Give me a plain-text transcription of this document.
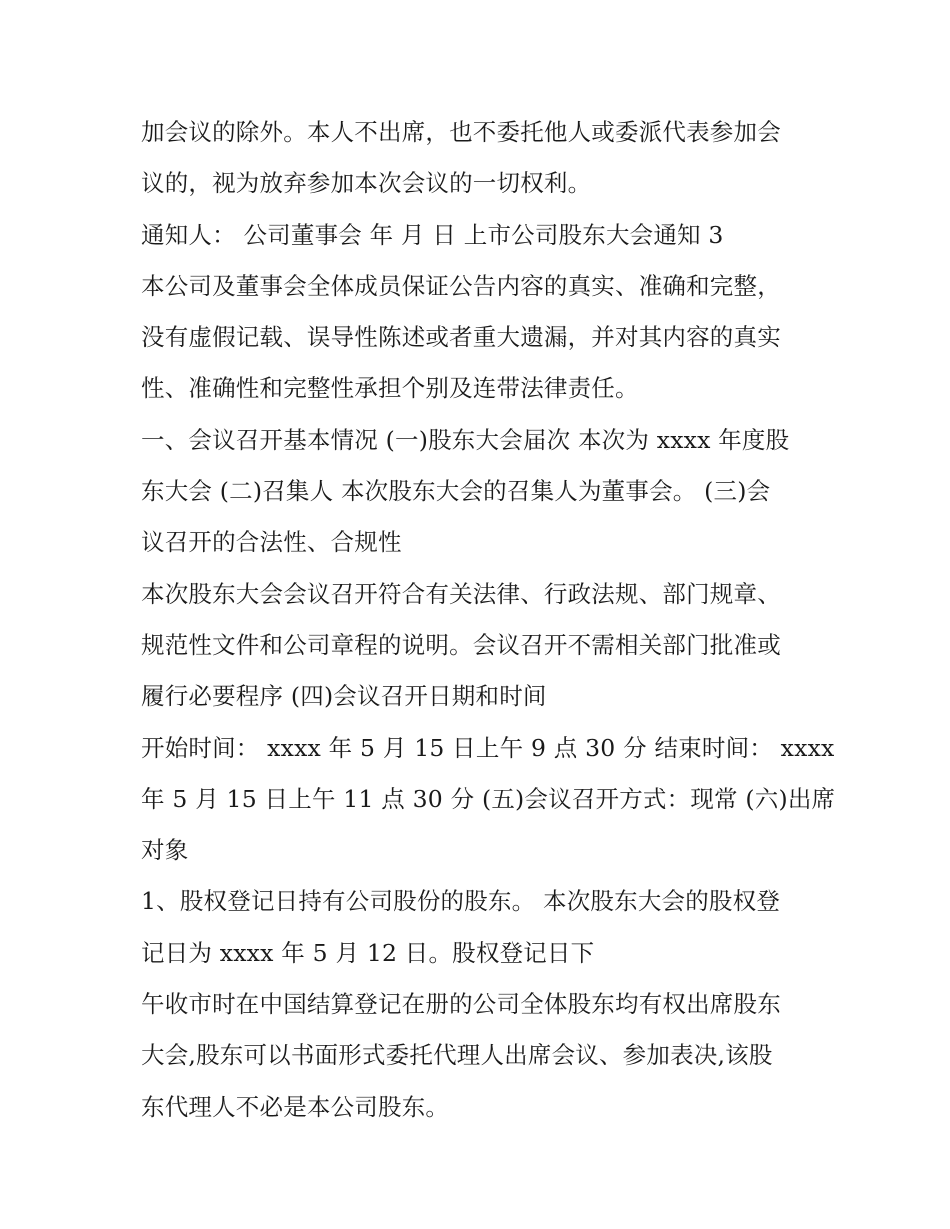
加会议的除外。本人不出席，也不委托他人或委派代表参加会
议的，视为放弃参加本次会议的一切权利。
通知人： 公司董事会 年 月 日 上市公司股东大会通知 3
本公司及董事会全体成员保证公告内容的真实、准确和完整，
没有虚假记载、误导性陈述或者重大遗漏，并对其内容的真实
性、准确性和完整性承担个别及连带法律责任。
一、会议召开基本情况 (一)股东大会届次 本次为 xxxx 年度股
东大会 (二)召集人 本次股东大会的召集人为董事会。 (三)会
议召开的合法性、合规性
本次股东大会会议召开符合有关法律、行政法规、部门规章、
规范性文件和公司章程的说明。会议召开不需相关部门批准或
履行必要程序 (四)会议召开日期和时间
开始时间： xxxx 年 5 月 15 日上午 9 点 30 分 结束时间： xxxx
年 5 月 15 日上午 11 点 30 分 (五)会议召开方式：现常 (六)出席
对象
1、股权登记日持有公司股份的股东。 本次股东大会的股权登
记日为 xxxx 年 5 月 12 日。股权登记日下
午收市时在中国结算登记在册的公司全体股东均有权出席股东
大会,股东可以书面形式委托代理人出席会议、参加表决,该股
东代理人不必是本公司股东。
